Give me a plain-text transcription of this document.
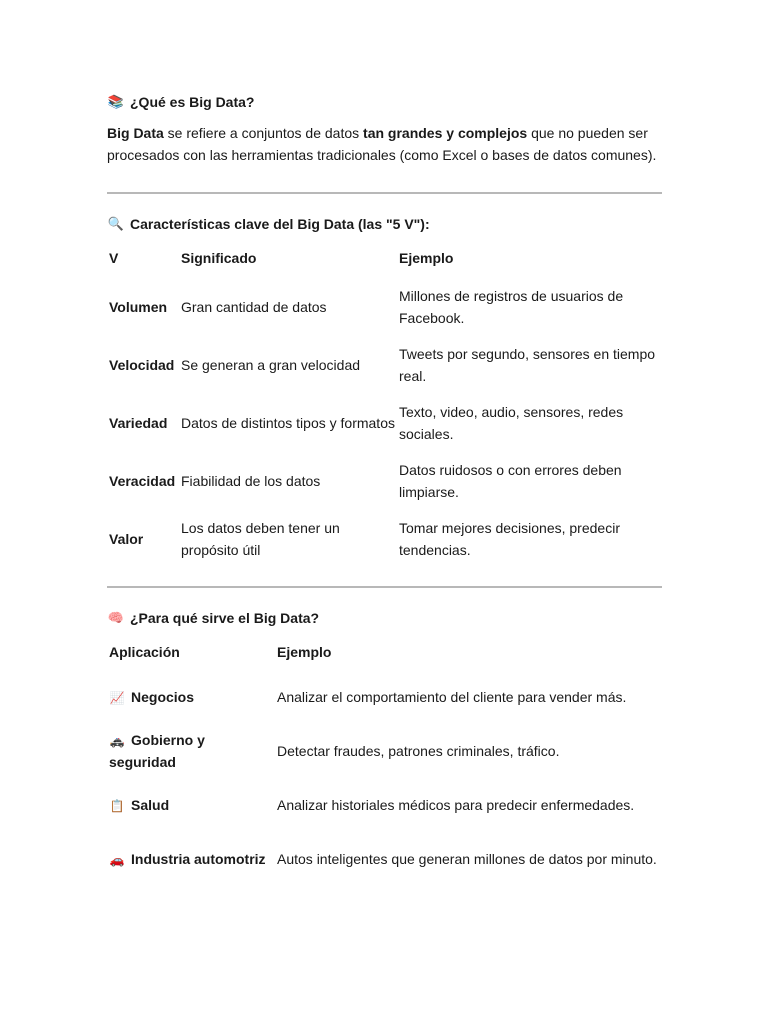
📚 ¿Qué es Big Data?

Big Data se refiere a conjuntos de datos tan grandes y complejos que no pueden ser procesados con las herramientas tradicionales (como Excel o bases de datos comunes).

🔍 Características clave del Big Data (las "5 V"):
V	Significado	Ejemplo
Volumen	Gran cantidad de datos	Millones de registros de usuarios de Facebook.
Velocidad	Se generan a gran velocidad	Tweets por segundo, sensores en tiempo real.
Variedad	Datos de distintos tipos y formatos	Texto, video, audio, sensores, redes sociales.
Veracidad	Fiabilidad de los datos	Datos ruidosos o con errores deben limpiarse.
Valor	Los datos deben tener un propósito útil	Tomar mejores decisiones, predecir tendencias.
🧠 ¿Para qué sirve el Big Data?
Aplicación	Ejemplo
📈 Negocios	Analizar el comportamiento del cliente para vender más.
🚓 Gobierno y seguridad	Detectar fraudes, patrones criminales, tráfico.
📋 Salud	Analizar historiales médicos para predecir enfermedades.
🚗 Industria automotriz	Autos inteligentes que generan millones de datos por minuto.
